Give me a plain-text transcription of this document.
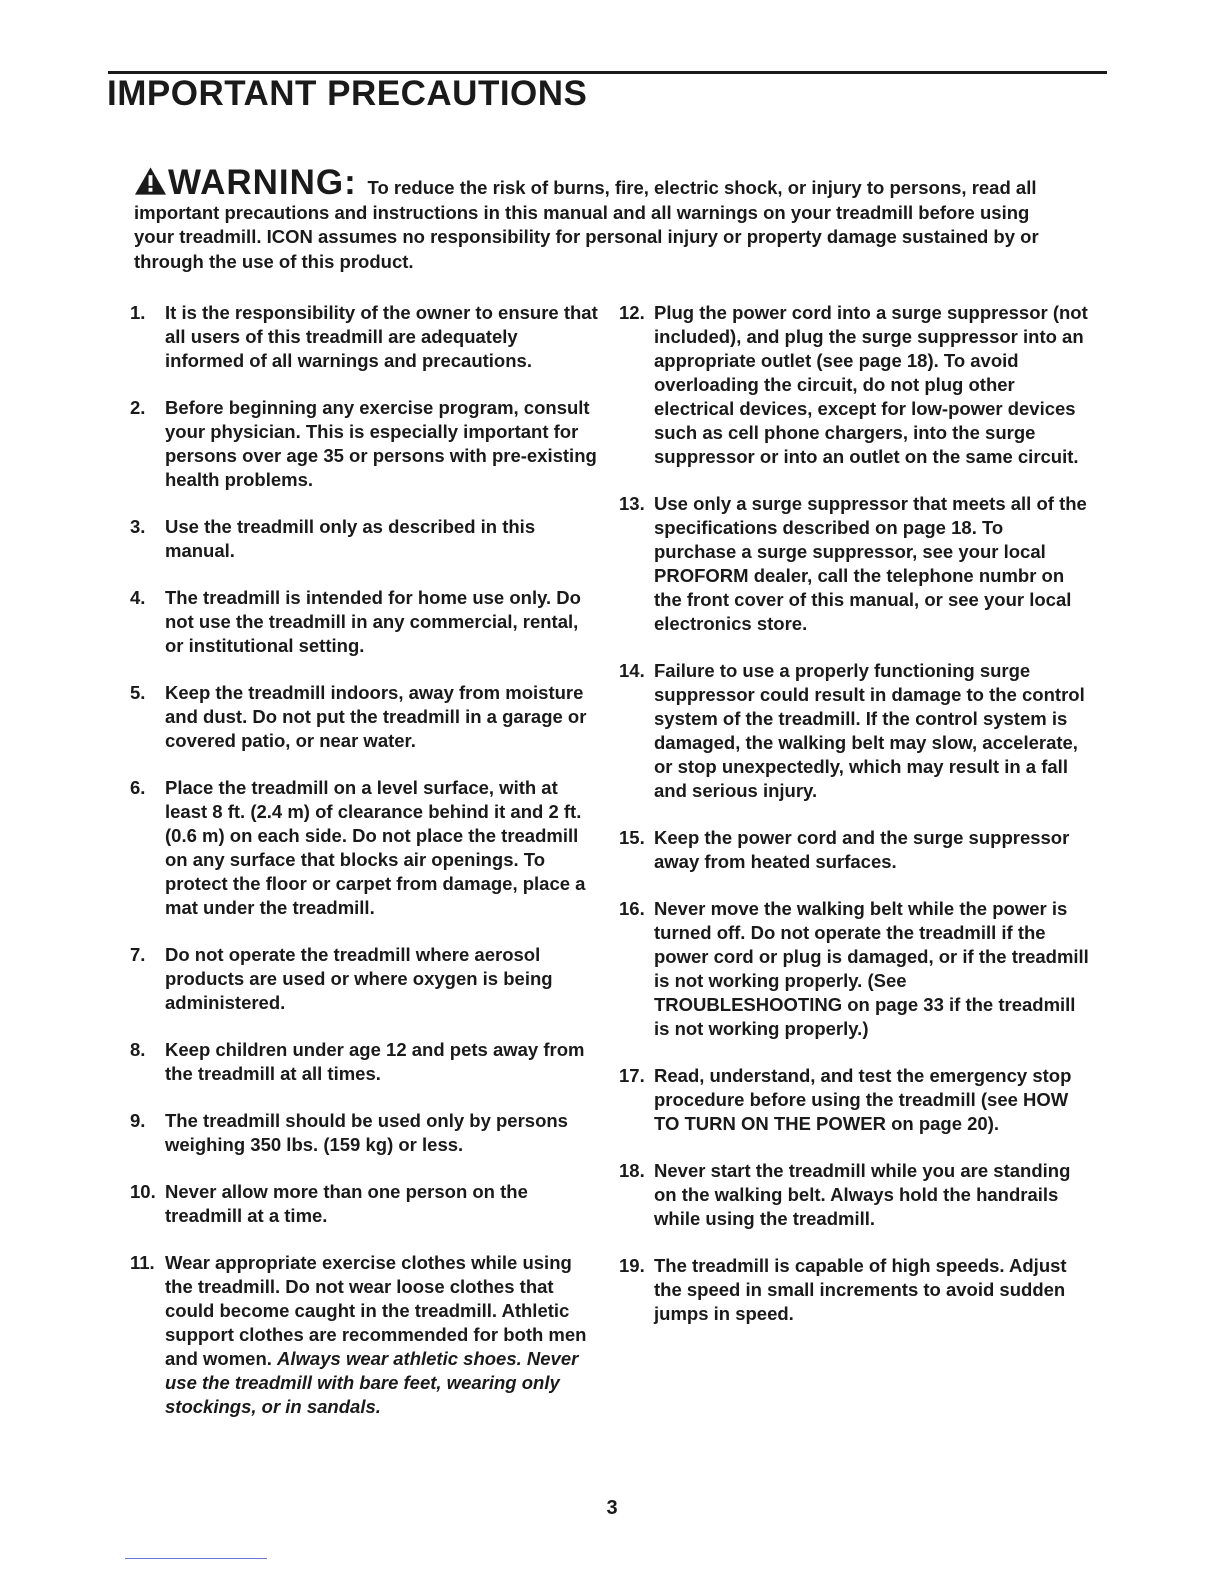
IMPORTANT PRECAUTIONS
WARNING: To reduce the risk of burns, fire, electric shock, or injury to persons, read all important precautions and instructions in this manual and all warnings on your treadmill before using your treadmill. ICON assumes no responsibility for personal injury or property damage sustained by or through the use of this product.
1.	It is the responsibility of the owner to ensure that all users of this treadmill are adequately informed of all warnings and precautions.
2.	Before beginning any exercise program, consult your physician. This is especially important for persons over age 35 or persons with pre-existing health problems.
3.	Use the treadmill only as described in this manual.
4.	The treadmill is intended for home use only. Do not use the treadmill in any commercial, rental, or institutional setting.
5.	Keep the treadmill indoors, away from moisture and dust. Do not put the treadmill in a garage or covered patio, or near water.
6.	Place the treadmill on a level surface, with at least 8 ft. (2.4 m) of clearance behind it and 2 ft. (0.6 m) on each side. Do not place the treadmill on any surface that blocks air openings. To protect the floor or carpet from damage, place a mat under the treadmill.
7.	Do not operate the treadmill where aerosol products are used or where oxygen is being administered.
8.	Keep children under age 12 and pets away from the treadmill at all times.
9.	The treadmill should be used only by persons weighing 350 lbs. (159 kg) or less.
10. Never allow more than one person on the treadmill at a time.
11. Wear appropriate exercise clothes while using the treadmill. Do not wear loose clothes that could become caught in the treadmill. Athletic support clothes are recommended for both men and women. Always wear athletic shoes. Never use the treadmill with bare feet, wearing only stockings, or in sandals.
12. Plug the power cord into a surge suppressor (not included), and plug the surge suppressor into an appropriate outlet (see page 18). To avoid overloading the circuit, do not plug other electrical devices, except for low-power devices such as cell phone chargers, into the surge suppressor or into an outlet on the same circuit.
13. Use only a surge suppressor that meets all of the specifications described on page 18. To purchase a surge suppressor, see your local PROFORM dealer, call the telephone numbr on the front cover of this manual, or see your local electronics store.
14. Failure to use a properly functioning surge suppressor could result in damage to the control system of the treadmill. If the control system is damaged, the walking belt may slow, accelerate, or stop unexpectedly, which may result in a fall and serious injury.
15. Keep the power cord and the surge suppressor away from heated surfaces.
16. Never move the walking belt while the power is turned off. Do not operate the treadmill if the power cord or plug is damaged, or if the treadmill is not working properly. (See TROUBLESHOOTING on page 33 if the treadmill is not working properly.)
17. Read, understand, and test the emergency stop procedure before using the treadmill (see HOW TO TURN ON THE POWER on page 20).
18. Never start the treadmill while you are standing on the walking belt. Always hold the handrails while using the treadmill.
19. The treadmill is capable of high speeds. Adjust the speed in small increments to avoid sudden jumps in speed.
3
